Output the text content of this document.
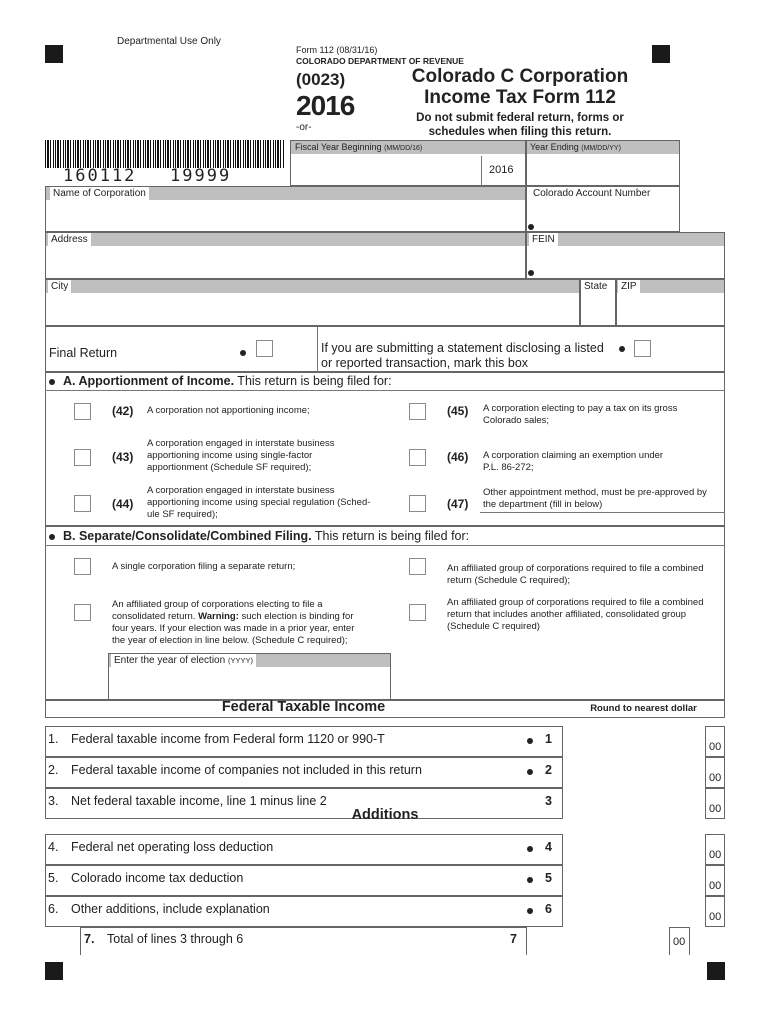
Departmental Use Only
Form 112 (08/31/16)
COLORADO DEPARTMENT OF REVENUE
(0023)
2016
-or-
Colorado C Corporation
Income Tax Form 112
Do not submit federal return, forms or
schedules when filing this return.
Fiscal Year Beginning (MM/DD/16)	Year Ending (MM/DD/YY)
2016
160112 19999
Name of Corporation	Colorado Account Number
Address	FEIN
City	State	ZIP
Final Return	If you are submitting a statement disclosing a listed
or reported transaction, mark this box
A. Apportionment of Income. This return is being filed for:
(42) A corporation not apportioning income;
(43)
A corporation engaged in interstate business
apportioning income using single-factor
apportionment (Schedule SF required);
(44)
A corporation engaged in interstate business
apportioning income using special regulation (Sched-
ule SF required);
(45) A corporation electing to pay a tax on its gross
Colorado sales;
(46) A corporation claiming an exemption under
P.L. 86-272;
(47)
Other appointment method, must be pre-approved by
the department (fill in below)
B. Separate/Consolidate/Combined Filing. This return is being filed for:
A single corporation filing a separate return;
An affiliated group of corporations electing to file a
consolidated return. Warning: such election is binding for
four years. If your election was made in a prior year, enter
the year of election in line below. (Schedule C required);
An affiliated group of corporations required to file a combined
return (Schedule C required);
An affiliated group of corporations required to file a combined
return that includes another affiliated, consolidated group
(Schedule C required)
Enter the year of election (YYYY)
Federal Taxable Income	Round to nearest dollar
1. Federal taxable income from Federal form 1120 or 990-T	1
00
2. Federal taxable income of companies not included in this return	2
00
3. Net federal taxable income, line 1 minus line 2	3
00
4. Federal net operating loss deduction	4
00
5. Colorado income tax deduction	5
00
6. Other additions, include explanation	6
00
7. Total of lines 3 through 6	7	00
Additions
